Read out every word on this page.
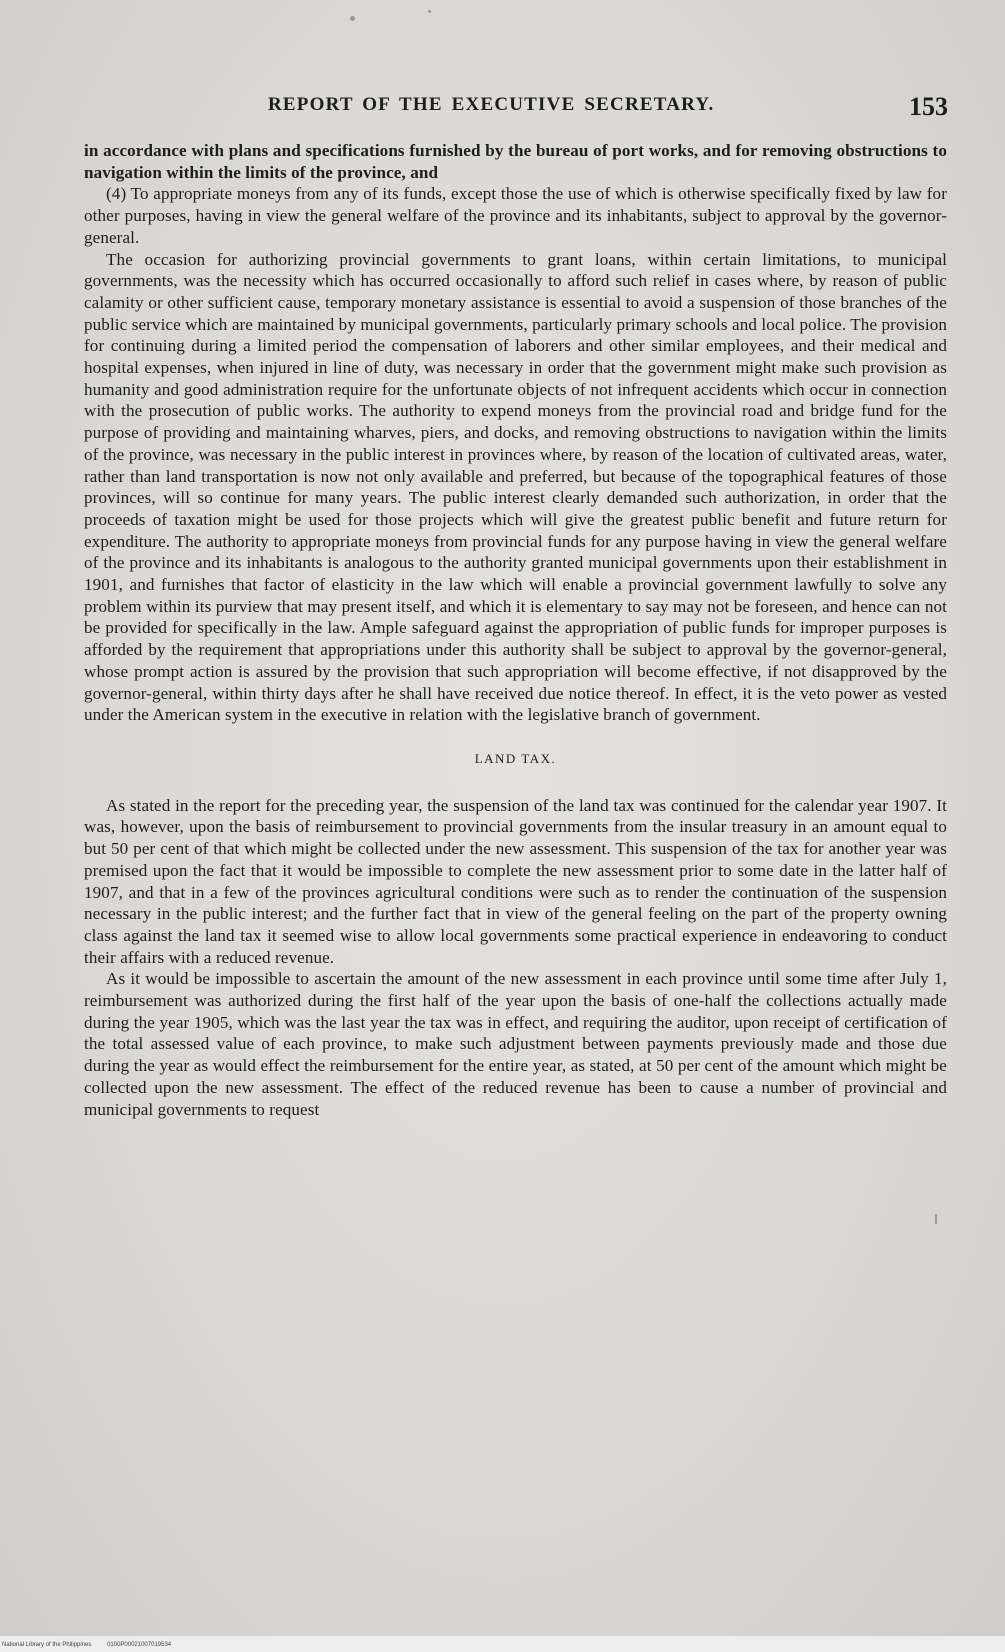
REPORT OF THE EXECUTIVE SECRETARY.	153

in accordance with plans and specifications furnished by the bureau of port works, and for removing obstructions to navigation within the limits of the province, and

(4) To appropriate moneys from any of its funds, except those the use of which is otherwise specifically fixed by law for other purposes, having in view the general welfare of the province and its inhabitants, subject to approval by the governor-general.

The occasion for authorizing provincial governments to grant loans, within certain limitations, to municipal governments, was the necessity which has occurred occasionally to afford such relief in cases where, by reason of public calamity or other sufficient cause, temporary monetary assistance is essential to avoid a suspension of those branches of the public service which are maintained by municipal governments, particularly primary schools and local police. The provision for continuing during a limited period the compensation of laborers and other similar employees, and their medical and hospital expenses, when injured in line of duty, was necessary in order that the government might make such provision as humanity and good administration require for the unfortunate objects of not infrequent accidents which occur in connection with the prosecution of public works. The authority to expend moneys from the provincial road and bridge fund for the purpose of providing and maintaining wharves, piers, and docks, and removing obstructions to navigation within the limits of the province, was necessary in the public interest in provinces where, by reason of the location of cultivated areas, water, rather than land transportation is now not only available and preferred, but because of the topographical features of those provinces, will so continue for many years. The public interest clearly demanded such authorization, in order that the proceeds of taxation might be used for those projects which will give the greatest public benefit and future return for expenditure. The authority to appropriate moneys from provincial funds for any purpose having in view the general welfare of the province and its inhabitants is analogous to the authority granted municipal governments upon their establishment in 1901, and furnishes that factor of elasticity in the law which will enable a provincial government lawfully to solve any problem within its purview that may present itself, and which it is elementary to say may not be foreseen, and hence can not be provided for specifically in the law. Ample safeguard against the appropriation of public funds for improper purposes is afforded by the requirement that appropriations under this authority shall be subject to approval by the governor-general, whose prompt action is assured by the provision that such appropriation will become effective, if not disapproved by the governor-general, within thirty days after he shall have received due notice thereof. In effect, it is the veto power as vested under the American system in the executive in relation with the legislative branch of government.

LAND TAX.

As stated in the report for the preceding year, the suspension of the land tax was continued for the calendar year 1907. It was, however, upon the basis of reimbursement to provincial governments from the insular treasury in an amount equal to but 50 per cent of that which might be collected under the new assessment. This suspension of the tax for another year was premised upon the fact that it would be impossible to complete the new assessment prior to some date in the latter half of 1907, and that in a few of the provinces agricultural conditions were such as to render the continuation of the suspension necessary in the public interest; and the further fact that in view of the general feeling on the part of the property owning class against the land tax it seemed wise to allow local governments some practical experience in endeavoring to conduct their affairs with a reduced revenue.

As it would be impossible to ascertain the amount of the new assessment in each province until some time after July 1, reimbursement was authorized during the first half of the year upon the basis of one-half the collections actually made during the year 1905, which was the last year the tax was in effect, and requiring the auditor, upon receipt of certification of the total assessed value of each province, to make such adjustment between payments previously made and those due during the year as would effect the reimbursement for the entire year, as stated, at 50 per cent of the amount which might be collected upon the new assessment. The effect of the reduced revenue has been to cause a number of provincial and municipal governments to request

National Library of the Philippines	0100P00021007019534
